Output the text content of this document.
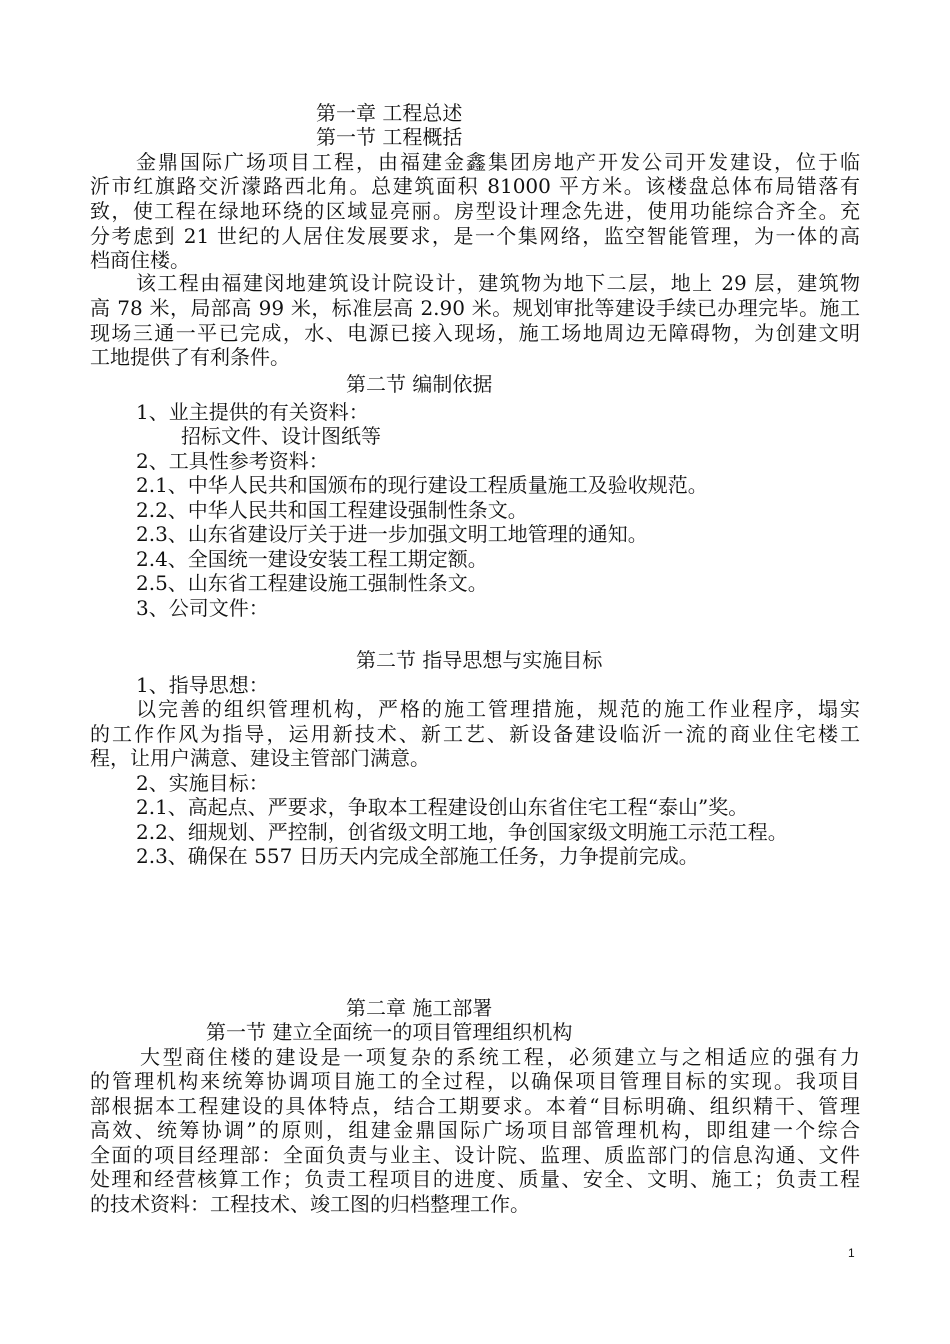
第一章 工程总述
第一节 工程概括
金鼎国际广场项目工程，由福建金鑫集团房地产开发公司开发建设，位于临
沂市红旗路交沂濛路西北角。总建筑面积 81000 平方米。该楼盘总体布局错落有
致，使工程在绿地环绕的区域显亮丽。房型设计理念先进，使用功能综合齐全。充
分考虑到 21 世纪的人居住发展要求，是一个集网络，监空智能管理，为一体的高
档商住楼。
该工程由福建闵地建筑设计院设计，建筑物为地下二层，地上 29 层，建筑物
高 78 米，局部高 99 米，标准层高 2.90 米。规划审批等建设手续已办理完毕。施工
现场三通一平已完成，水、电源已接入现场，施工场地周边无障碍物，为创建文明
工地提供了有利条件。
第二节 编制依据
1、业主提供的有关资料：
招标文件、设计图纸等
2、工具性参考资料：
2.1、中华人民共和国颁布的现行建设工程质量施工及验收规范。
2.2、中华人民共和国工程建设强制性条文。
2.3、山东省建设厅关于进一步加强文明工地管理的通知。
2.4、全国统一建设安装工程工期定额。
2.5、山东省工程建设施工强制性条文。
3、公司文件：
第二节 指导思想与实施目标
1、指导思想：
以完善的组织管理机构，严格的施工管理措施，规范的施工作业程序，塌实
的工作作风为指导，运用新技术、新工艺、新设备建设临沂一流的商业住宅楼工
程，让用户满意、建设主管部门满意。
2、实施目标：
2.1、高起点、严要求，争取本工程建设创山东省住宅工程“泰山”奖。
2.2、细规划、严控制，创省级文明工地，争创国家级文明施工示范工程。
2.3、确保在 557 日历天内完成全部施工任务，力争提前完成。
第二章 施工部署
第一节 建立全面统一的项目管理组织机构
大型商住楼的建设是一项复杂的系统工程，必须建立与之相适应的强有力
的管理机构来统筹协调项目施工的全过程，以确保项目管理目标的实现。我项目
部根据本工程建设的具体特点，结合工期要求。本着“目标明确、组织精干、管理
高效、统筹协调”的原则，组建金鼎国际广场项目部管理机构，即组建一个综合
全面的项目经理部：全面负责与业主、设计院、监理、质监部门的信息沟通、文件
处理和经营核算工作；负责工程项目的进度、质量、安全、文明、施工；负责工程
的技术资料：工程技术、竣工图的归档整理工作。
1
